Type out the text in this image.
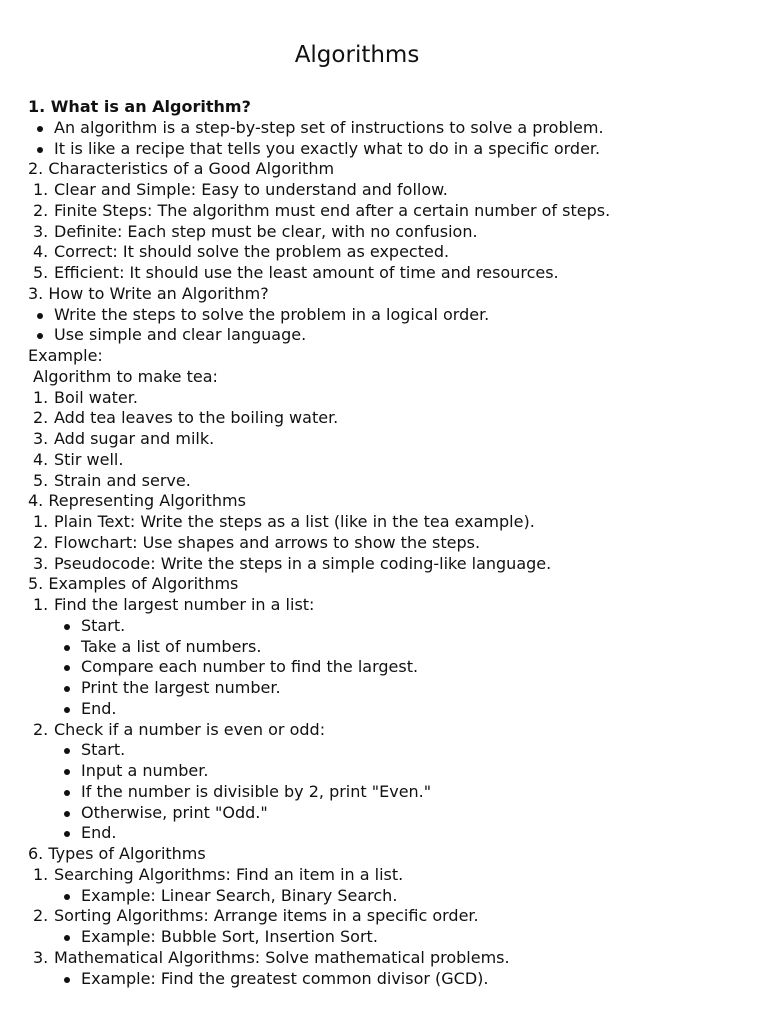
Algorithms
1. What is an Algorithm?
An algorithm is a step-by-step set of instructions to solve a problem.
It is like a recipe that tells you exactly what to do in a specific order.
2. Characteristics of a Good Algorithm
1. Clear and Simple: Easy to understand and follow.
2. Finite Steps: The algorithm must end after a certain number of steps.
3. Definite: Each step must be clear, with no confusion.
4. Correct: It should solve the problem as expected.
5. Efficient: It should use the least amount of time and resources.
3. How to Write an Algorithm?
Write the steps to solve the problem in a logical order.
Use simple and clear language.
Example:
Algorithm to make tea:
1. Boil water.
2. Add tea leaves to the boiling water.
3. Add sugar and milk.
4. Stir well.
5. Strain and serve.
4. Representing Algorithms
1. Plain Text: Write the steps as a list (like in the tea example).
2. Flowchart: Use shapes and arrows to show the steps.
3. Pseudocode: Write the steps in a simple coding-like language.
5. Examples of Algorithms
1. Find the largest number in a list:
Start.
Take a list of numbers.
Compare each number to find the largest.
Print the largest number.
End.
2. Check if a number is even or odd:
Start.
Input a number.
If the number is divisible by 2, print "Even."
Otherwise, print "Odd."
End.
6. Types of Algorithms
1. Searching Algorithms: Find an item in a list.
Example: Linear Search, Binary Search.
2. Sorting Algorithms: Arrange items in a specific order.
Example: Bubble Sort, Insertion Sort.
3. Mathematical Algorithms: Solve mathematical problems.
Example: Find the greatest common divisor (GCD).
